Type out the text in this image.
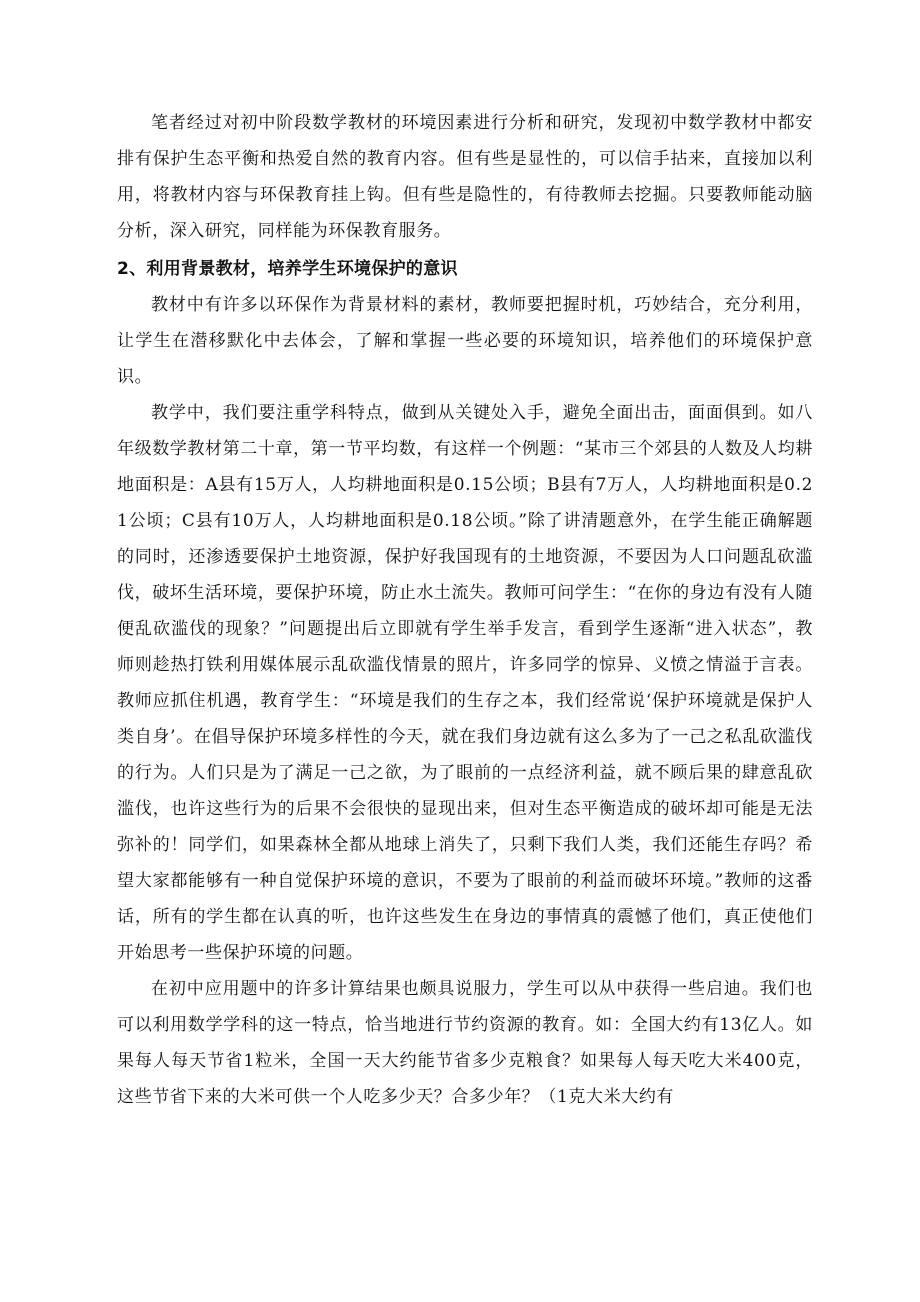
笔者经过对初中阶段数学教材的环境因素进行分析和研究，发现初中数学教材中都安排有保护生态平衡和热爱自然的教育内容。但有些是显性的，可以信手拈来，直接加以利用，将教材内容与环保教育挂上钩。但有些是隐性的，有待教师去挖掘。只要教师能动脑分析，深入研究，同样能为环保教育服务。

2、利用背景教材，培养学生环境保护的意识

教材中有许多以环保作为背景材料的素材，教师要把握时机，巧妙结合，充分利用，让学生在潜移默化中去体会，了解和掌握一些必要的环境知识，培养他们的环境保护意识。

教学中，我们要注重学科特点，做到从关键处入手，避免全面出击，面面俱到。如八年级数学教材第二十章，第一节平均数，有这样一个例题：“某市三个郊县的人数及人均耕地面积是：A县有15万人，人均耕地面积是0.15公顷；B县有7万人，人均耕地面积是0.21公顷；C县有10万人，人均耕地面积是0.18公顷。”除了讲清题意外，在学生能正确解题的同时，还渗透要保护土地资源，保护好我国现有的土地资源，不要因为人口问题乱砍滥伐，破坏生活环境，要保护环境，防止水土流失。教师可问学生：“在你的身边有没有人随便乱砍滥伐的现象？”问题提出后立即就有学生举手发言，看到学生逐渐“进入状态”，教师则趁热打铁利用媒体展示乱砍滥伐情景的照片，许多同学的惊异、义愤之情溢于言表。教师应抓住机遇，教育学生：“环境是我们的生存之本，我们经常说‘保护环境就是保护人类自身’。在倡导保护环境多样性的今天，就在我们身边就有这么多为了一己之私乱砍滥伐的行为。人们只是为了满足一己之欲，为了眼前的一点经济利益，就不顾后果的肆意乱砍滥伐，也许这些行为的后果不会很快的显现出来，但对生态平衡造成的破坏却可能是无法弥补的！同学们，如果森林全都从地球上消失了，只剩下我们人类，我们还能生存吗？希望大家都能够有一种自觉保护环境的意识，不要为了眼前的利益而破坏环境。”教师的这番话，所有的学生都在认真的听，也许这些发生在身边的事情真的震憾了他们，真正使他们开始思考一些保护环境的问题。

在初中应用题中的许多计算结果也颇具说服力，学生可以从中获得一些启迪。我们也可以利用数学学科的这一特点，恰当地进行节约资源的教育。如：全国大约有13亿人。如果每人每天节省1粒米，全国一天大约能节省多少克粮食？如果每人每天吃大米400克，这些节省下来的大米可供一个人吃多少天？合多少年？（1克大米大约有
